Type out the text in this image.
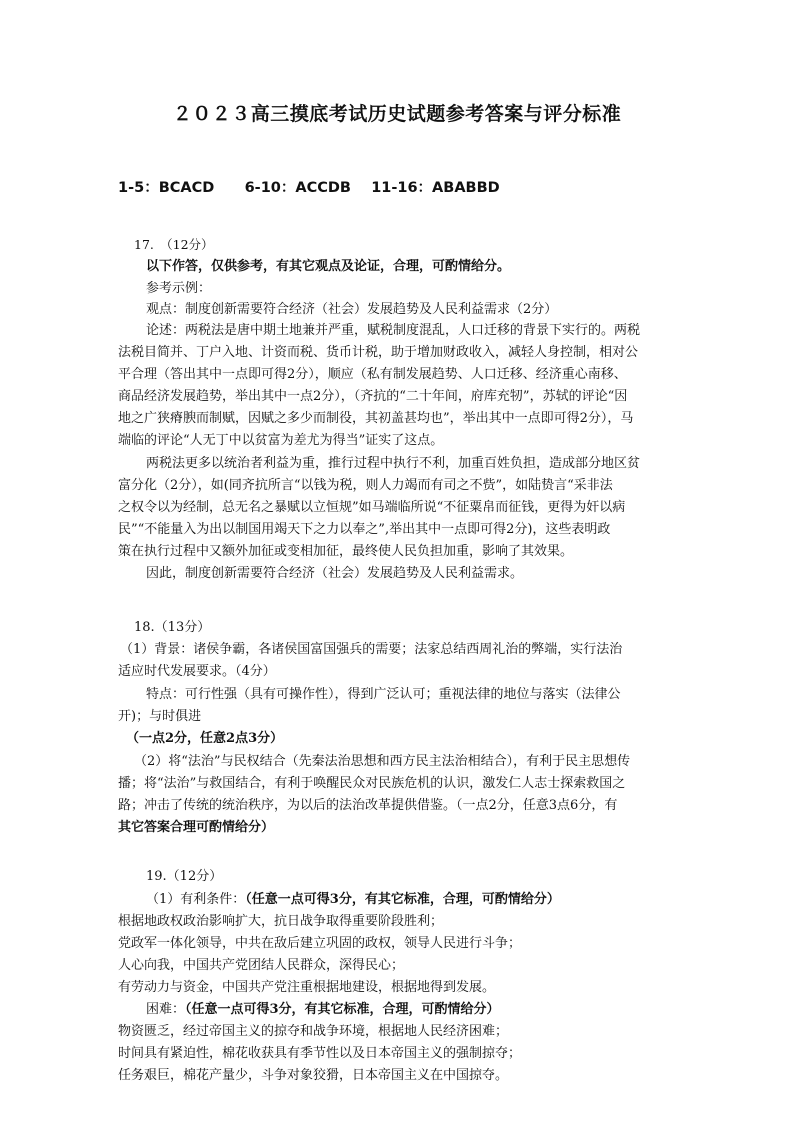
２０２３高三摸底考试历史试题参考答案与评分标准
1-5：BCACD 6-10：ACCDB 11-16：ABABBD
17.　（12分）
以下作答，仅供参考，有其它观点及论证，合理，可酌情给分。
参考示例：
观点：制度创新需要符合经济（社会）发展趋势及人民利益需求（2分）
论述：两税法是唐中期土地兼并严重，赋税制度混乱，人口迁移的背景下实行的。两税
法税目简并、丁户入地、计资而税、货币计税，助于增加财政收入，减轻人身控制，相对公
平合理（答出其中一点即可得2分），顺应（私有制发展趋势、人口迁移、经济重心南移、
商品经济发展趋势，举出其中一点2分），（齐抗的“二十年间，府库充牣”，苏轼的评论“因
地之广狭瘠腴而制赋，因赋之多少而制役，其初盖甚均也”，举出其中一点即可得2分），马
端临的评论“人无丁中以贫富为差尤为得当”证实了这点。
两税法更多以统治者利益为重，推行过程中执行不利，加重百姓负担，造成部分地区贫
富分化（2分），如(同齐抗所言“以钱为税，则人力竭而有司之不赀”，如陆贽言“采非法
之权令以为经制，总无名之暴赋以立恒规”如马端临所说“不征粟帛而征钱，更得为奸以病
民”“不能量入为出以制国用竭天下之力以奉之”,举出其中一点即可得2分)，这些表明政
策在执行过程中又额外加征或变相加征，最终使人民负担加重，影响了其效果。
因此，制度创新需要符合经济（社会）发展趋势及人民利益需求。
18.（13分）
（1）背景：诸侯争霸，各诸侯国富国强兵的需要；法家总结西周礼治的弊端，实行法治
适应时代发展要求。（4分）
特点：可行性强（具有可操作性），得到广泛认可；重视法律的地位与落实（法律公
开)；与时俱进
（一点2分，任意2点3分）
（2）将“法治”与民权结合（先秦法治思想和西方民主法治相结合），有利于民主思想传
播；将“法治”与救国结合，有利于唤醒民众对民族危机的认识，激发仁人志士探索救国之
路；冲击了传统的统治秩序，为以后的法治改革提供借鉴。（一点2分，任意3点6分，有
其它答案合理可酌情给分）
19.（12分）
（1）有利条件：（任意一点可得3分，有其它标准，合理，可酌情给分）
根据地政权政治影响扩大，抗日战争取得重要阶段胜利；
党政军一体化领导，中共在敌后建立巩固的政权，领导人民进行斗争；
人心向我，中国共产党团结人民群众，深得民心；
有劳动力与资金，中国共产党注重根据地建设，根据地得到发展。
困难：（任意一点可得3分，有其它标准，合理，可酌情给分）
物资匮乏，经过帝国主义的掠夺和战争环境，根据地人民经济困难；
时间具有紧迫性，棉花收获具有季节性以及日本帝国主义的强制掠夺；
任务艰巨，棉花产量少，斗争对象狡猾，日本帝国主义在中国掠夺。
